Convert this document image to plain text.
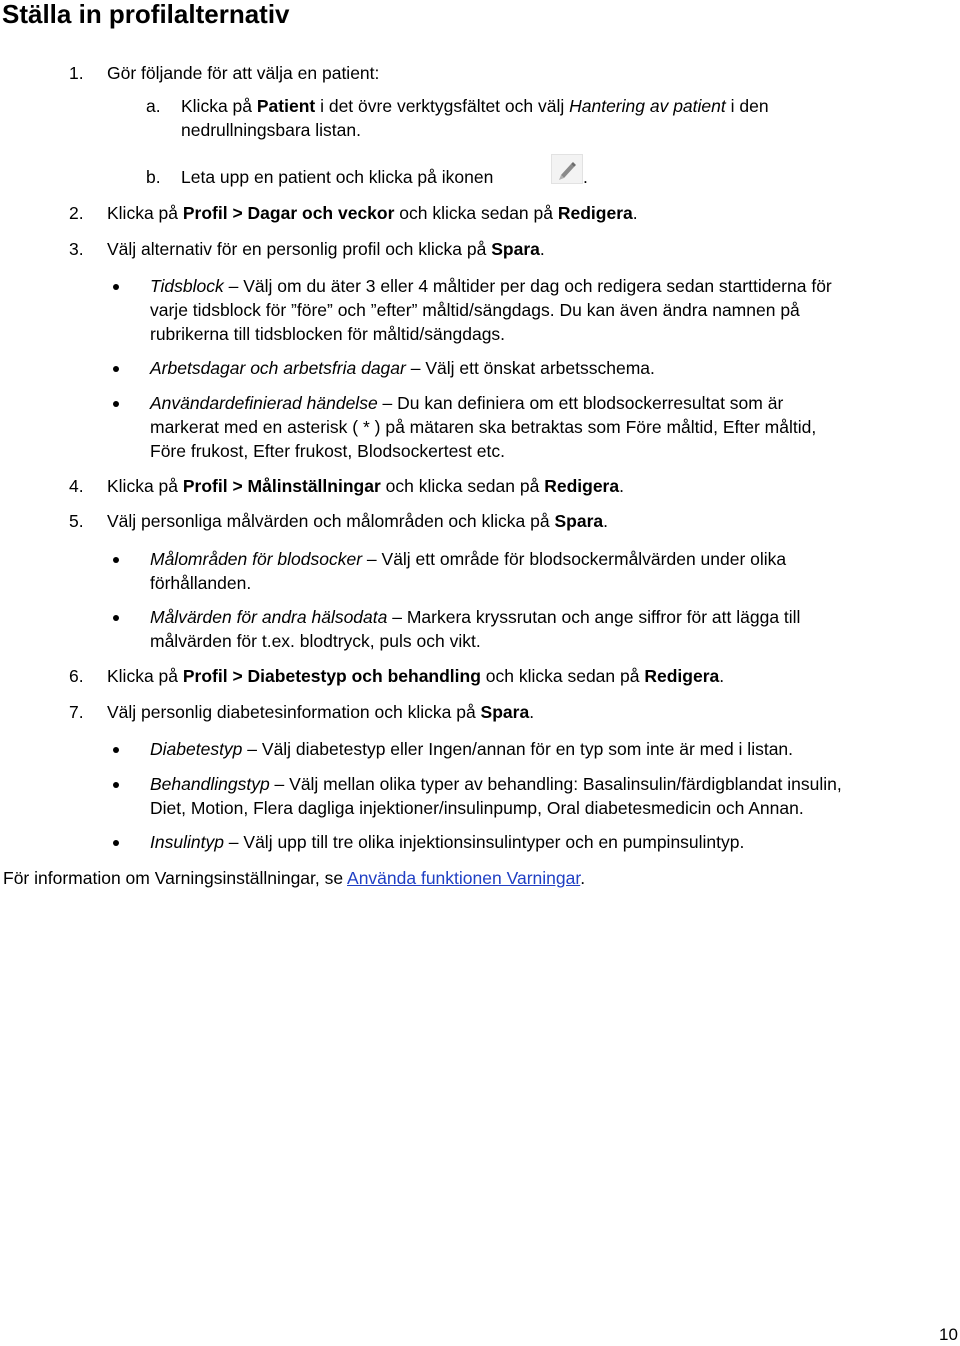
Ställa in profilalternativ
1. Gör följande för att välja en patient:
a. Klicka på Patient i det övre verktygsfältet och välj Hantering av patient i den
nedrullningsbara listan.
b. Leta upp en patient och klicka på ikonen	.
2. Klicka på Profil > Dagar och veckor och klicka sedan på Redigera.
3. Välj alternativ för en personlig profil och klicka på Spara.
Tidsblock – Välj om du äter 3 eller 4 måltider per dag och redigera sedan starttiderna för
varje tidsblock för ”före” och ”efter” måltid/sängdags. Du kan även ändra namnen på
rubrikerna till tidsblocken för måltid/sängdags.
Arbetsdagar och arbetsfria dagar – Välj ett önskat arbetsschema.
Användardefinierad händelse – Du kan definiera om ett blodsockerresultat som är
markerat med en asterisk ( * ) på mätaren ska betraktas som Före måltid, Efter måltid,
Före frukost, Efter frukost, Blodsockertest etc.
4. Klicka på Profil > Målinställningar och klicka sedan på Redigera.
5. Välj personliga målvärden och målområden och klicka på Spara.
Målområden för blodsocker – Välj ett område för blodsockermålvärden under olika
förhållanden.
Målvärden för andra hälsodata – Markera kryssrutan och ange siffror för att lägga till
målvärden för t.ex. blodtryck, puls och vikt.
6. Klicka på Profil > Diabetestyp och behandling och klicka sedan på Redigera.
7. Välj personlig diabetesinformation och klicka på Spara.
Diabetestyp – Välj diabetestyp eller Ingen/annan för en typ som inte är med i listan.
Behandlingstyp – Välj mellan olika typer av behandling: Basalinsulin/färdigblandat insulin,
Diet, Motion, Flera dagliga injektioner/insulinpump, Oral diabetesmedicin och Annan.
Insulintyp – Välj upp till tre olika injektionsinsulintyper och en pumpinsulintyp.
För information om Varningsinställningar, se Använda funktionen Varningar.
10
